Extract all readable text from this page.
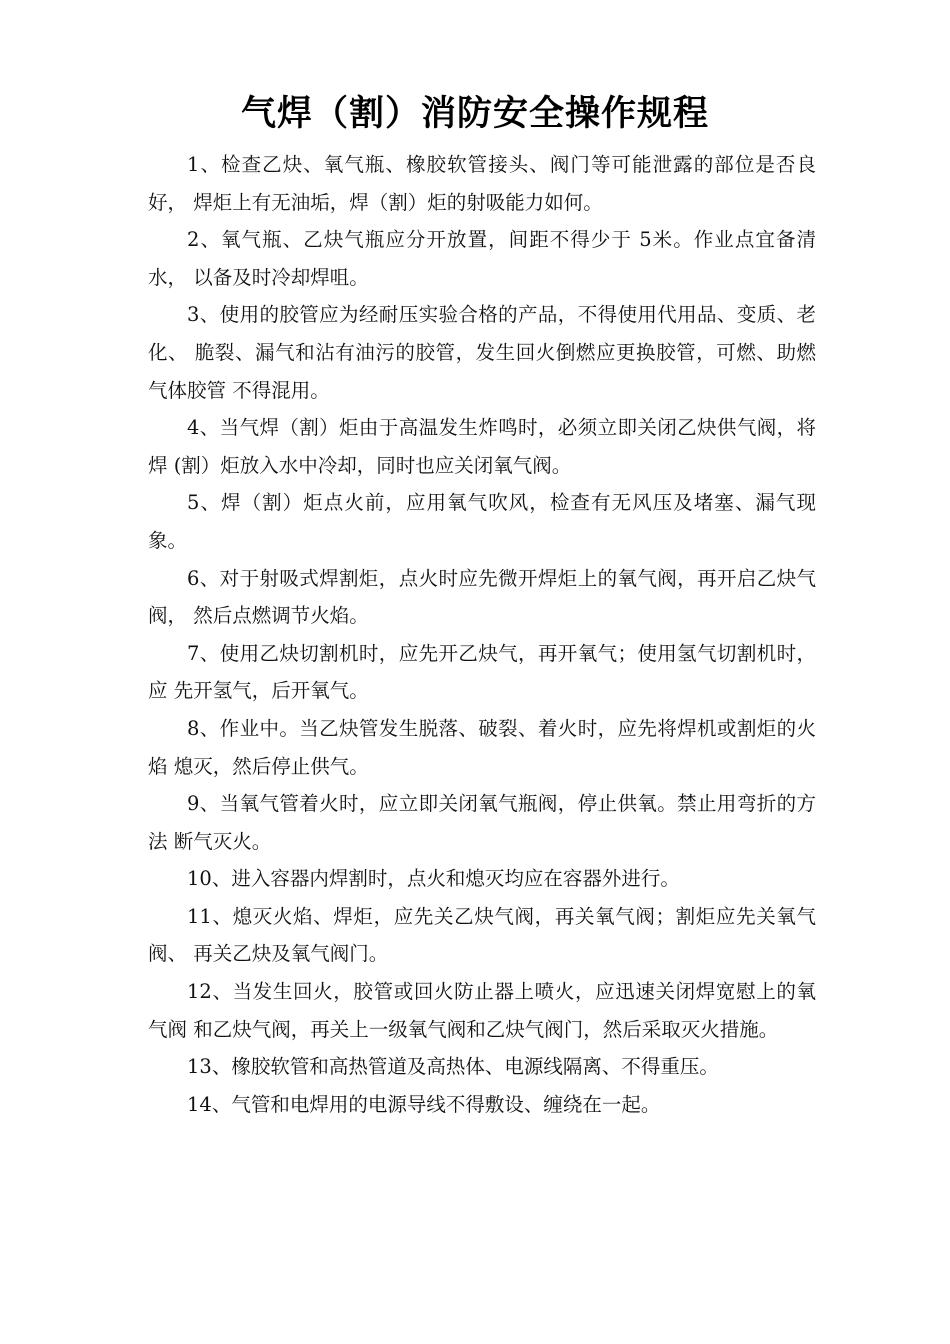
气焊（割）消防安全操作规程

1、检查乙炔、氧气瓶、橡胶软管接头、阀门等可能泄露的部位是否良好， 焊炬上有无油垢，焊（割）炬的射吸能力如何。

2、氧气瓶、乙炔气瓶应分开放置，间距不得少于 5米。作业点宜备清水， 以备及时冷却焊咀。

3、使用的胶管应为经耐压实验合格的产品，不得使用代用品、变质、老化、 脆裂、漏气和沾有油污的胶管，发生回火倒燃应更换胶管，可燃、助燃气体胶管 不得混用。

4、当气焊（割）炬由于高温发生炸鸣时，必须立即关闭乙炔供气阀，将焊 (割）炬放入水中冷却，同时也应关闭氧气阀。

5、焊（割）炬点火前，应用氧气吹风，检查有无风压及堵塞、漏气现象。

6、对于射吸式焊割炬，点火时应先微开焊炬上的氧气阀，再开启乙炔气阀， 然后点燃调节火焰。

7、使用乙炔切割机时，应先开乙炔气，再开氧气；使用氢气切割机时，应 先开氢气，后开氧气。

8、作业中。当乙炔管发生脱落、破裂、着火时，应先将焊机或割炬的火焰 熄灭，然后停止供气。

9、当氧气管着火时，应立即关闭氧气瓶阀，停止供氧。禁止用弯折的方法 断气灭火。

10、进入容器内焊割时，点火和熄灭均应在容器外进行。

11、熄灭火焰、焊炬，应先关乙炔气阀，再关氧气阀；割炬应先关氧气阀、 再关乙炔及氧气阀门。

12、当发生回火，胶管或回火防止器上喷火，应迅速关闭焊宽慰上的氧气阀 和乙炔气阀，再关上一级氧气阀和乙炔气阀门，然后采取灭火措施。

13、橡胶软管和高热管道及高热体、电源线隔离、不得重压。

14、气管和电焊用的电源导线不得敷设、缠绕在一起。
